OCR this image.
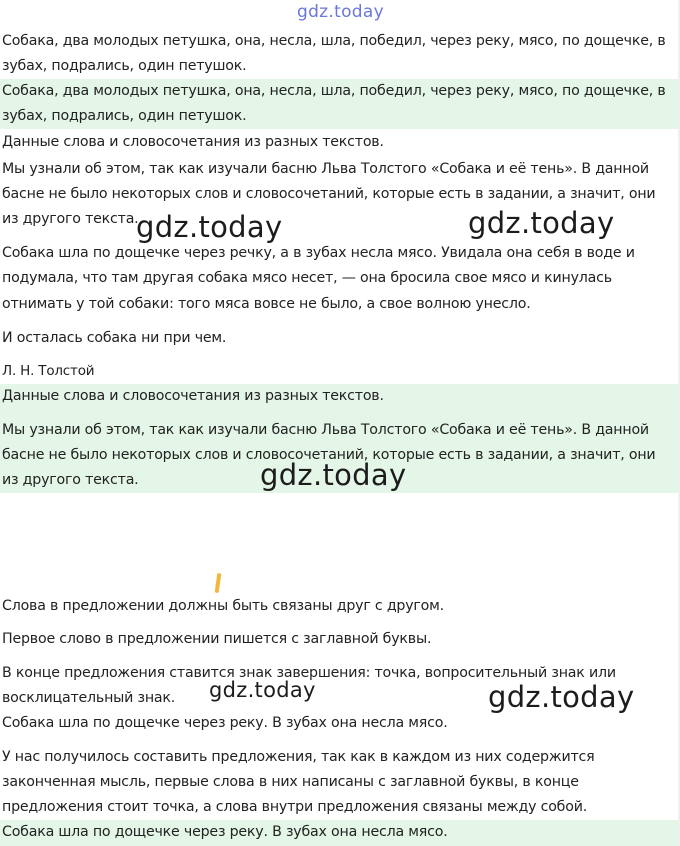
gdz.today
Собака, два молодых петушка, она, несла, шла, победил, через реку, мясо, по дощечке, в
зубах, подрались, один петушок.
Собака, два молодых петушка, она, несла, шла, победил, через реку, мясо, по дощечке, в
зубах, подрались, один петушок.
Данные слова и словосочетания из разных текстов.
Мы узнали об этом, так как изучали басню Льва Толстого «Собака и её тень». В данной
басне не было некоторых слов и словосочетаний, которые есть в задании, а значит, они
из другого текста.
Собака шла по дощечке через речку, а в зубах несла мясо. Увидала она себя в воде и
подумала, что там другая собака мясо несет, — она бросила свое мясо и кинулась
отнимать у той собаки: того мяса вовсе не было, а свое волною унесло.
И осталась собака ни при чем.
Л. Н. Толстой
Данные слова и словосочетания из разных текстов.
Мы узнали об этом, так как изучали басню Льва Толстого «Собака и её тень». В данной
басне не было некоторых слов и словосочетаний, которые есть в задании, а значит, они
из другого текста.
Слова в предложении должны быть связаны друг с другом.
Первое слово в предложении пишется с заглавной буквы.
В конце предложения ставится знак завершения: точка, вопросительный знак или
восклицательный знак.
Собака шла по дощечке через реку. В зубах она несла мясо.
У нас получилось составить предложения, так как в каждом из них содержится
законченная мысль, первые слова в них написаны с заглавной буквы, в конце
предложения стоит точка, а слова внутри предложения связаны между собой.
Собака шла по дощечке через реку. В зубах она несла мясо.
gdz.today	gdz.today
gdz.today
gdz.today	gdz.today
